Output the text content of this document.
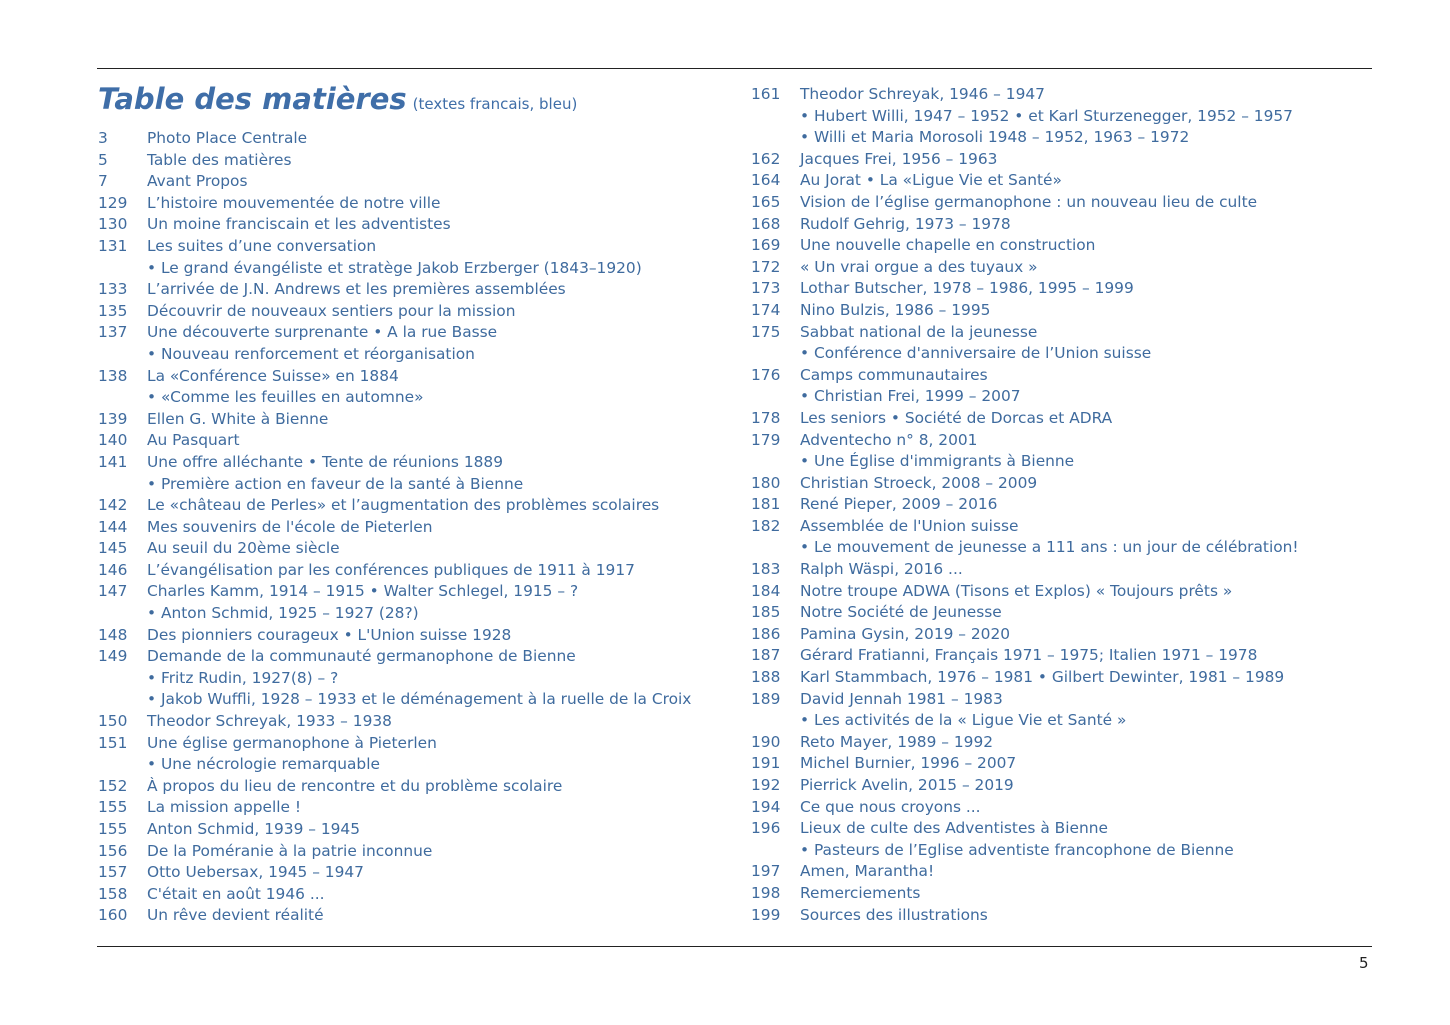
Table des matières (textes francais, bleu)
3	Photo Place Centrale
5	Table des matières
7	Avant Propos
129	L’histoire mouvementée de notre ville
130	Un moine franciscain et les adventistes
131	Les suites d’une conversation
• Le grand évangéliste et stratège Jakob Erzberger (1843–1920)
133	L’arrivée de J.N. Andrews et les premières assemblées
135	Découvrir de nouveaux sentiers pour la mission
137	Une découverte surprenante • A la rue Basse
• Nouveau renforcement et réorganisation
138	La «Conférence Suisse» en 1884
• «Comme les feuilles en automne»
139	Ellen G. White à Bienne
140	Au Pasquart
141	Une offre alléchante • Tente de réunions 1889
• Première action en faveur de la santé à Bienne
142	Le «château de Perles» et l’augmentation des problèmes scolaires
144	Mes souvenirs de l'école de Pieterlen
145	Au seuil du 20ème siècle
146	L’évangélisation par les conférences publiques de 1911 à 1917
147	Charles Kamm, 1914 – 1915 • Walter Schlegel, 1915 – ?
• Anton Schmid, 1925 – 1927 (28?)
148	Des pionniers courageux • L'Union suisse 1928
149	Demande de la communauté germanophone de Bienne
• Fritz Rudin, 1927(8) – ?
• Jakob Wuffli, 1928 – 1933 et le déménagement à la ruelle de la Croix
150	Theodor Schreyak, 1933 – 1938
151	Une église germanophone à Pieterlen
• Une nécrologie remarquable
152	À propos du lieu de rencontre et du problème scolaire
155	La mission appelle !
155	Anton Schmid, 1939 – 1945
156	De la Poméranie à la patrie inconnue
157	Otto Uebersax, 1945 – 1947
158	C'était en août 1946 ...
160	Un rêve devient réalité
161	Theodor Schreyak, 1946 – 1947
• Hubert Willi, 1947 – 1952 • et Karl Sturzenegger, 1952 – 1957
• Willi et Maria Morosoli 1948 – 1952, 1963 – 1972
162	Jacques Frei, 1956 – 1963
164	Au Jorat • La «Ligue Vie et Santé»
165	Vision de l’église germanophone : un nouveau lieu de culte
168	Rudolf Gehrig, 1973 – 1978
169	Une nouvelle chapelle en construction
172	« Un vrai orgue a des tuyaux »
173	Lothar Butscher, 1978 – 1986, 1995 – 1999
174	Nino Bulzis, 1986 – 1995
175	Sabbat national de la jeunesse
• Conférence d'anniversaire de l’Union suisse
176	Camps communautaires
• Christian Frei, 1999 – 2007
178	Les seniors • Société de Dorcas et ADRA
179	Adventecho n° 8, 2001
• Une Église d'immigrants à Bienne
180	Christian Stroeck, 2008 – 2009
181	René Pieper, 2009 – 2016
182	Assemblée de l'Union suisse
• Le mouvement de jeunesse a 111 ans : un jour de célébration!
183	Ralph Wäspi, 2016 ...
184	Notre troupe ADWA (Tisons et Explos) « Toujours prêts »
185	Notre Société de Jeunesse
186	Pamina Gysin, 2019 – 2020
187	Gérard Fratianni, Français 1971 – 1975; Italien 1971 – 1978
188	Karl Stammbach, 1976 – 1981 • Gilbert Dewinter, 1981 – 1989
189	David Jennah 1981 – 1983
• Les activités de la « Ligue Vie et Santé »
190	Reto Mayer, 1989 – 1992
191	Michel Burnier, 1996 – 2007
192	Pierrick Avelin, 2015 – 2019
194	Ce que nous croyons ...
196	Lieux de culte des Adventistes à Bienne
• Pasteurs de l’Eglise adventiste francophone de Bienne
197	Amen, Marantha!
198	Remerciements
199	Sources des illustrations
5
